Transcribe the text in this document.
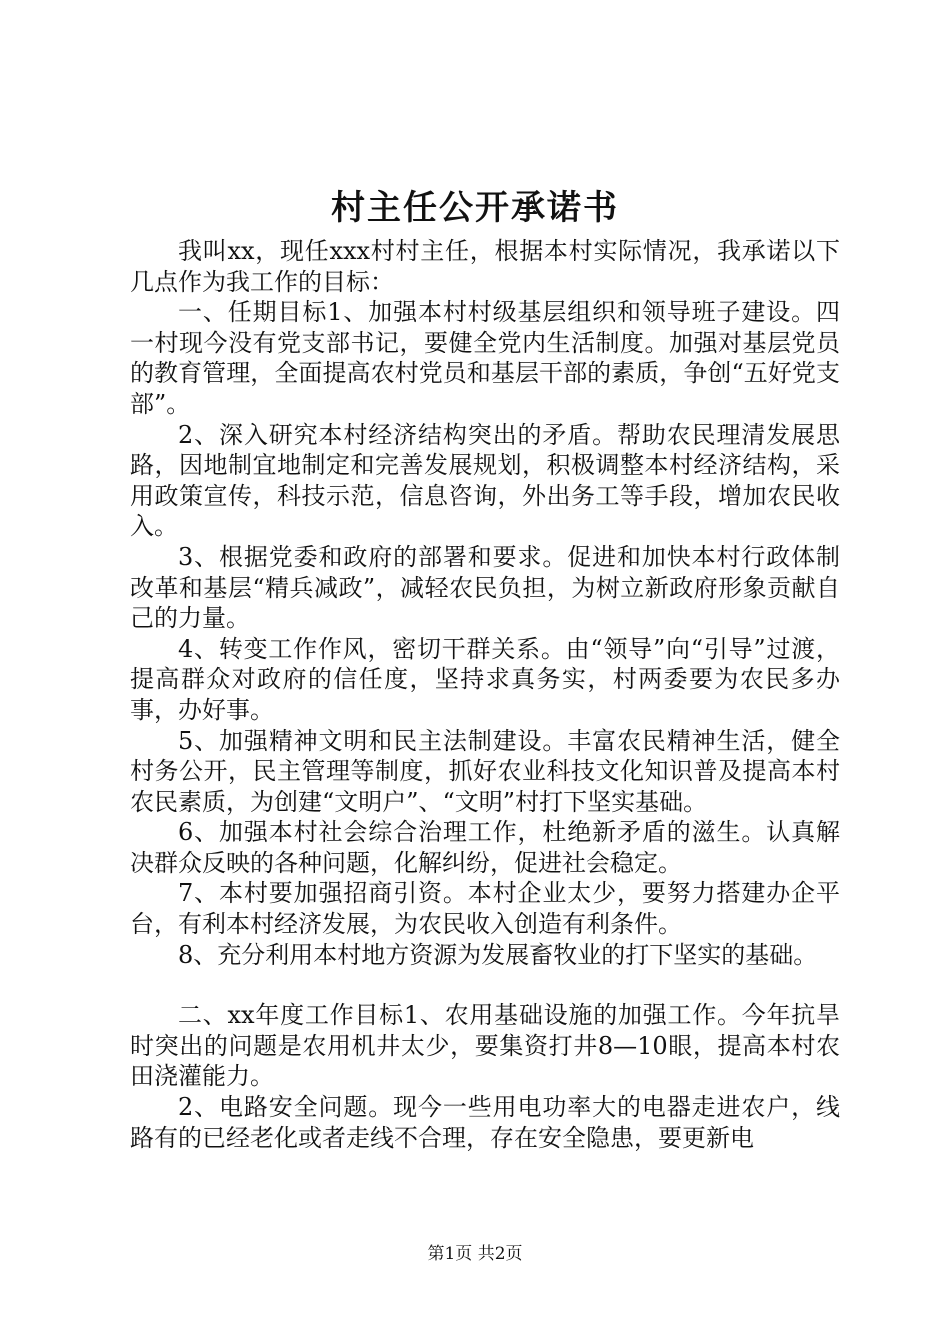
村主任公开承诺书

我叫xx，现任xxx村村主任，根据本村实际情况，我承诺以下几点作为我工作的目标：

一、任期目标1、加强本村村级基层组织和领导班子建设。四一村现今没有党支部书记，要健全党内生活制度。加强对基层党员的教育管理，全面提高农村党员和基层干部的素质，争创“五好党支部”。

2、深入研究本村经济结构突出的矛盾。帮助农民理清发展思路，因地制宜地制定和完善发展规划，积极调整本村经济结构，采用政策宣传，科技示范，信息咨询，外出务工等手段，增加农民收入。

3、根据党委和政府的部署和要求。促进和加快本村行政体制改革和基层“精兵减政”，减轻农民负担，为树立新政府形象贡献自己的力量。

4、转变工作作风，密切干群关系。由“领导”向“引导”过渡，提高群众对政府的信任度，坚持求真务实，村两委要为农民多办事，办好事。

5、加强精神文明和民主法制建设。丰富农民精神生活，健全村务公开，民主管理等制度，抓好农业科技文化知识普及提高本村农民素质，为创建“文明户”、“文明”村打下坚实基础。

6、加强本村社会综合治理工作，杜绝新矛盾的滋生。认真解决群众反映的各种问题，化解纠纷，促进社会稳定。

7、本村要加强招商引资。本村企业太少，要努力搭建办企平台，有利本村经济发展，为农民收入创造有利条件。

8、充分利用本村地方资源为发展畜牧业的打下坚实的基础。

二、xx年度工作目标1、农用基础设施的加强工作。今年抗旱时突出的问题是农用机井太少，要集资打井8—10眼，提高本村农田浇灌能力。

2、电路安全问题。现今一些用电功率大的电器走进农户，线路有的已经老化或者走线不合理，存在安全隐患，要更新电

第1页 共2页
